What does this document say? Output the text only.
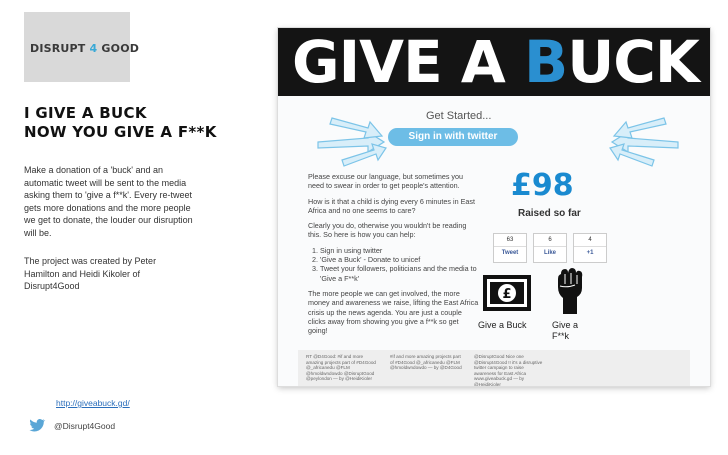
DISRUPT 4 GOOD
I GIVE A BUCK
NOW YOU GIVE A F**K

Make a donation of a 'buck' and an automatic tweet will be sent to the media asking them to 'give a f**k'. Every re-tweet gets more donations and the more people we get to donate, the louder our disruption will be.

The project was created by Peter Hamilton and Heidi Kikoler of Disrupt4Good

http://giveabuck.gd/
@Disrupt4Good
GIVE A BUCK
Get Started...
Sign in with twitter

Please excuse our language, but sometimes you need to swear in order to get people's attention.

How is it that a child is dying every 6 minutes in East Africa and no one seems to care?

Clearly you do, otherwise you wouldn't be reading this. So here is how you can help:

1. Sign in using twitter
2. 'Give a Buck' - Donate to unicef
3. Tweet your followers, politicians and the media to 'Give a F**k'

The more people we can get involved, the more money and awareness we raise, lifting the East Africa crisis up the news agenda. You are just a couple clicks away from showing you give a f**k so get going!

£98
Raised so far
63
Tweet
6
Like
4
+1
£
Give a Buck	Give a F**k
RT @D4Good: #if and more amazing projects part of #D4Good @_africanedu @FLM @hmoldwndowdo @DisruptGood @peylondon — by @HeidiKioler
#if and more amazing projects part of #D4Good @_africanedu @FLM @hmoldwndowdo — by @D4Good
@DisruptGood Nice one @Disrupt4Good !! it's a disruptive twitter campaign to raise awareness for East Africa www.giveabuck.gd — by @HeidiKioler
